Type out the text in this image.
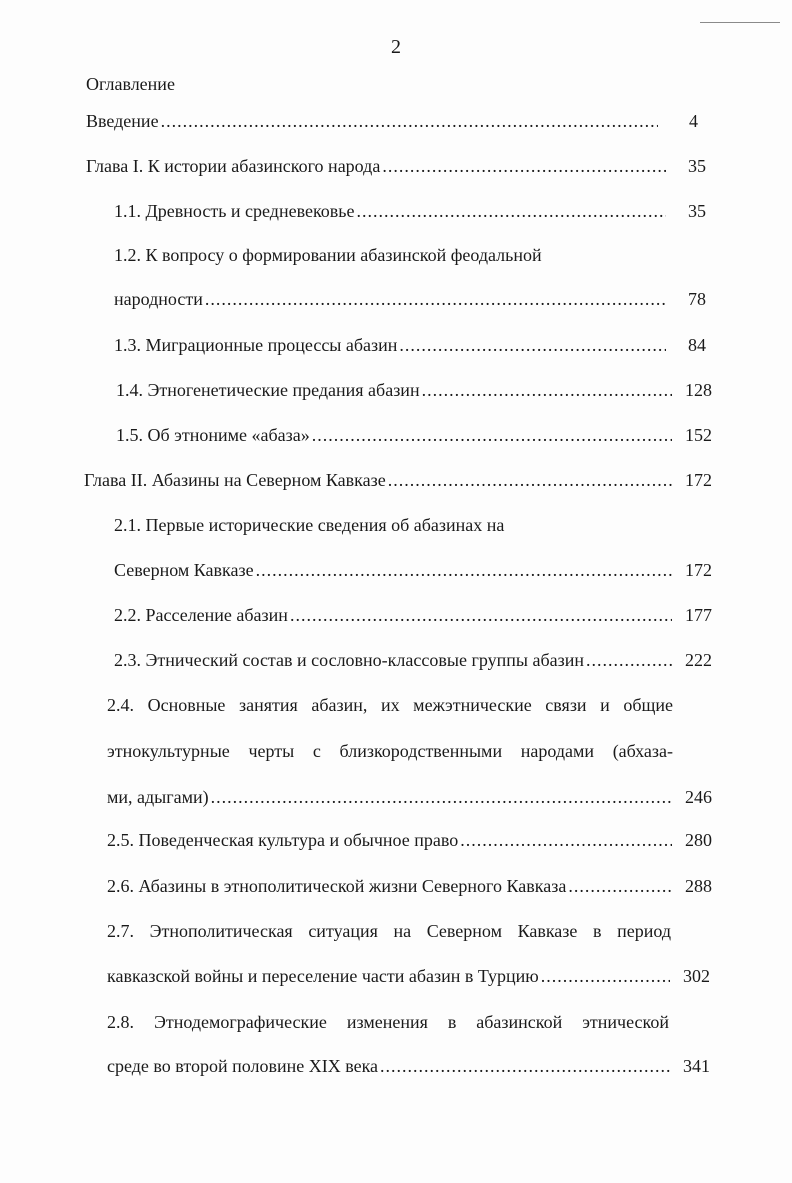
2
Оглавление
Введение .....	4
Глава I. К истории абазинского народа .....	35
1.1. Древность и средневековье .....	35
1.2. К вопросу о формировании абазинской феодальной
народности .....	78
1.3. Миграционные процессы абазин .....	84
1.4. Этногенетические предания абазин .....	128
1.5. Об этнониме «абаза» .....	152
Глава II. Абазины на Северном Кавказе .....	172
2.1. Первые исторические сведения об абазинах на
Северном Кавказе .....	172
2.2. Расселение абазин .....	177
2.3. Этнический состав и сословно-классовые группы абазин .....	222
2.4. Основные занятия абазин, их межэтнические связи и общие
этнокультурные черты с близкородственными народами (абхаза-
ми, адыгами) .....	246
2.5. Поведенческая культура и обычное право .....	280
2.6. Абазины в этнополитической жизни Северного Кавказа .....	288
2.7. Этнополитическая ситуация на Северном Кавказе в период
кавказской войны и переселение части абазин в Турцию .....	302
2.8. Этнодемографические изменения в абазинской этнической
среде во второй половине XIX века .....	341
